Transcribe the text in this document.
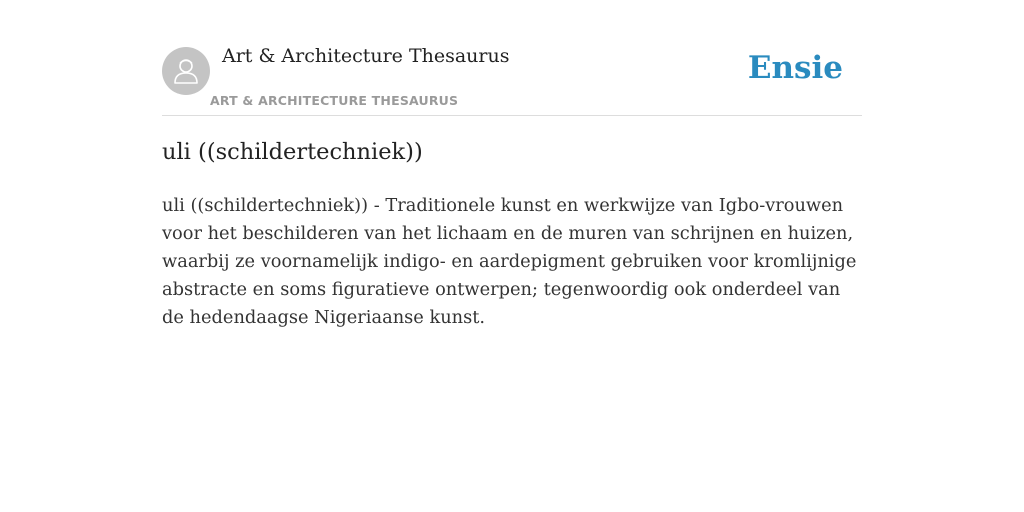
Art & Architecture Thesaurus
ART & ARCHITECTURE THESAURUS
Ensie
uli ((schildertechniek))

uli ((schildertechniek)) - Traditionele kunst en werkwijze van Igbo-vrouwen voor het beschilderen van het lichaam en de muren van schrijnen en huizen, waarbij ze voornamelijk indigo- en aardepigment gebruiken voor kromlijnige abstracte en soms figuratieve ontwerpen; tegenwoordig ook onderdeel van de hedendaagse Nigeriaanse kunst.
